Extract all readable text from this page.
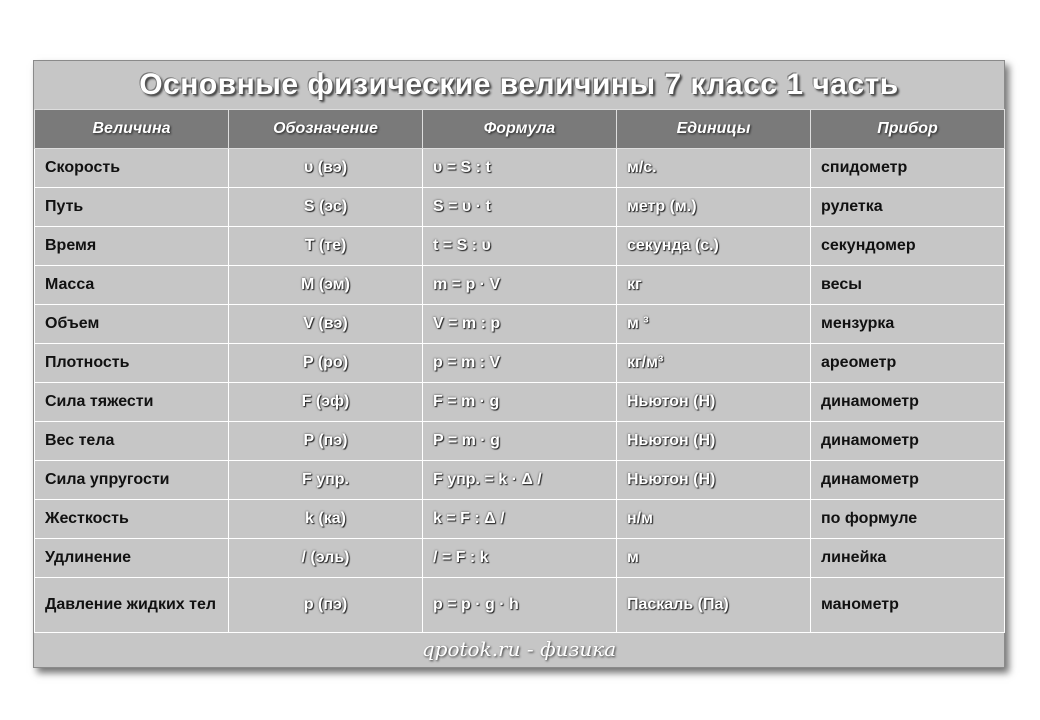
Основные физические величины 7 класс 1 часть
Величина	Обозначение	Формула	Единицы	Прибор
Скорость	υ (вэ)	υ = S : t	м/с.	спидометр
Путь	S (эс)	S = υ · t	метр (м.)	рулетка
Время	T (те)	t = S : υ	секунда (с.)	секундомер
Масса	M (эм)	m = p · V	кг	весы
Объем	V (вэ)	V = m : p	м ³	мензурка
Плотность	P (ро)	p = m : V	кг/м³	ареометр
Сила тяжести	F (эф)	F = m · g	Ньютон (Н)	динамометр
Вес тела	P (пэ)	P = m · g	Ньютон (Н)	динамометр
Сила упругости	F упр.	F упр. = k · Δ /	Ньютон (Н)	динамометр
Жесткость	k (ка)	k = F : Δ /	н/м	по формуле
Удлинение	/ (эль)	/ = F : k	м	линейка
Давление жидких тел	p (пэ)	p = p · g · h	Паскаль (Па)	манометр
qpotok.ru - физика
